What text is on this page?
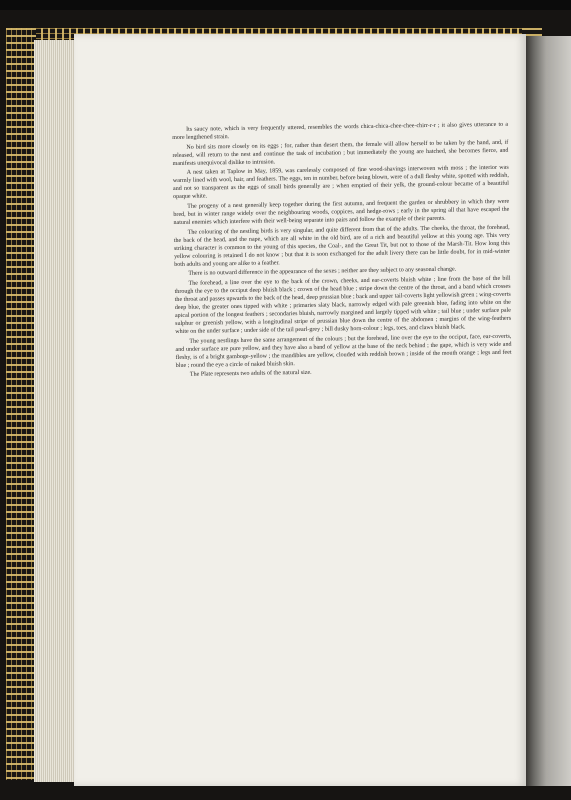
Its saucy note, which is very frequently uttered, resembles the words chica-chica-chee-chee-chirr-r-r ; it also gives utterance to a more lengthened strain.

No bird sits more closely on its eggs ; for, rather than desert them, the female will allow herself to be taken by the hand, and, if released, will return to the nest and continue the task of incubation ; but immediately the young are hatched, she becomes fierce, and manifests unequivocal dislike to intrusion.

A nest taken at Taplow in May, 1859, was carelessly composed of fine wood-shavings interwoven with moss ; the interior was warmly lined with wool, hair, and feathers. The eggs, ten in number, before being blown, were of a dull fleshy white, spotted with reddish, and not so transparent as the eggs of small birds generally are ; when emptied of their yelk, the ground-colour became of a beautiful opaque white.

The progeny of a nest generally keep together during the first autumn, and frequent the garden or shrubbery in which they were bred, but in winter range widely over the neighbouring woods, coppices, and hedge-rows ; early in the spring all that have escaped the natural enemies which interfere with their well-being separate into pairs and follow the example of their parents.

The colouring of the nestling birds is very singular, and quite different from that of the adults. The cheeks, the throat, the forehead, the back of the head, and the nape, which are all white in the old bird, are of a rich and beautiful yellow at this young age. This very striking character is common to the young of this species, the Coal-, and the Great Tit, but not to those of the Marsh-Tit. How long this yellow colouring is retained I do not know ; but that it is soon exchanged for the adult livery there can be little doubt, for in mid-winter both adults and young are alike to a feather.

There is no outward difference in the appearance of the sexes ; neither are they subject to any seasonal change.

The forehead, a line over the eye to the back of the crown, cheeks, and ear-coverts bluish white ; line from the base of the bill through the eye to the occiput deep bluish black ; crown of the head blue ; stripe down the centre of the throat, and a band which crosses the throat and passes upwards to the back of the head, deep prussian blue ; back and upper tail-coverts light yellowish green ; wing-coverts deep blue, the greater ones tipped with white ; primaries slaty black, narrowly edged with pale greenish blue, fading into white on the apical portion of the longest feathers ; secondaries bluish, narrowly margined and largely tipped with white ; tail blue ; under surface pale sulphur or greenish yellow, with a longitudinal stripe of prussian blue down the centre of the abdomen ; margins of the wing-feathers white on the under surface ; under side of the tail pearl-grey ; bill dusky horn-colour ; legs, toes, and claws bluish black.

The young nestlings have the same arrangement of the colours ; but the forehead, line over the eye to the occiput, face, ear-coverts, and under surface are pure yellow, and they have also a band of yellow at the base of the neck behind ; the gape, which is very wide and fleshy, is of a bright gamboge-yellow ; the mandibles are yellow, clouded with reddish brown ; inside of the mouth orange ; legs and feet blue ; round the eye a circle of naked bluish skin.

The Plate represents two adults of the natural size.
